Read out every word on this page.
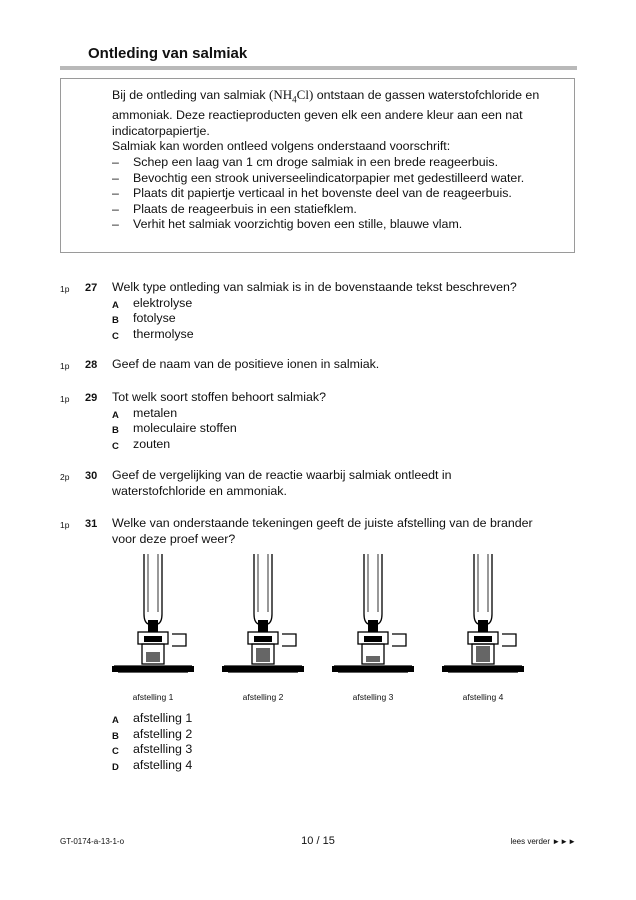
Ontleding van salmiak

Bij de ontleding van salmiak $(NH_4Cl)$ ontstaan de gassen waterstofchloride en ammoniak. Deze reactieproducten geven elk een andere kleur aan een nat indicatorpapiertje.

Salmiak kan worden ontleed volgens onderstaand voorschrift:

– Schep een laag van 1 cm droge salmiak in een brede reageerbuis.
– Bevochtig een strook universeelindicatorpapier met gedestilleerd water.
– Plaats dit papiertje verticaal in het bovenste deel van de reageerbuis.
– Plaats de reageerbuis in een statiefklem.
– Verhit het salmiak voorzichtig boven een stille, blauwe vlam.
1p 27 Welk type ontleding van salmiak is in de bovenstaande tekst beschreven?
A elektrolyse
B fotolyse
C thermolyse
1p 28 Geef de naam van de positieve ionen in salmiak.
1p 29 Tot welk soort stoffen behoort salmiak?
A metalen
B moleculaire stoffen
C zouten
2p 30 Geef de vergelijking van de reactie waarbij salmiak ontleedt in waterstofchloride en ammoniak.
1p 31 Welke van onderstaande tekeningen geeft de juiste afstelling van de brander voor deze proef weer?
afstelling 1	afstelling 2	afstelling 3	afstelling 4
A afstelling 1
B afstelling 2
C afstelling 3
D afstelling 4
GT-0174-a-13-1-o	10 / 15	lees verder ►►►
